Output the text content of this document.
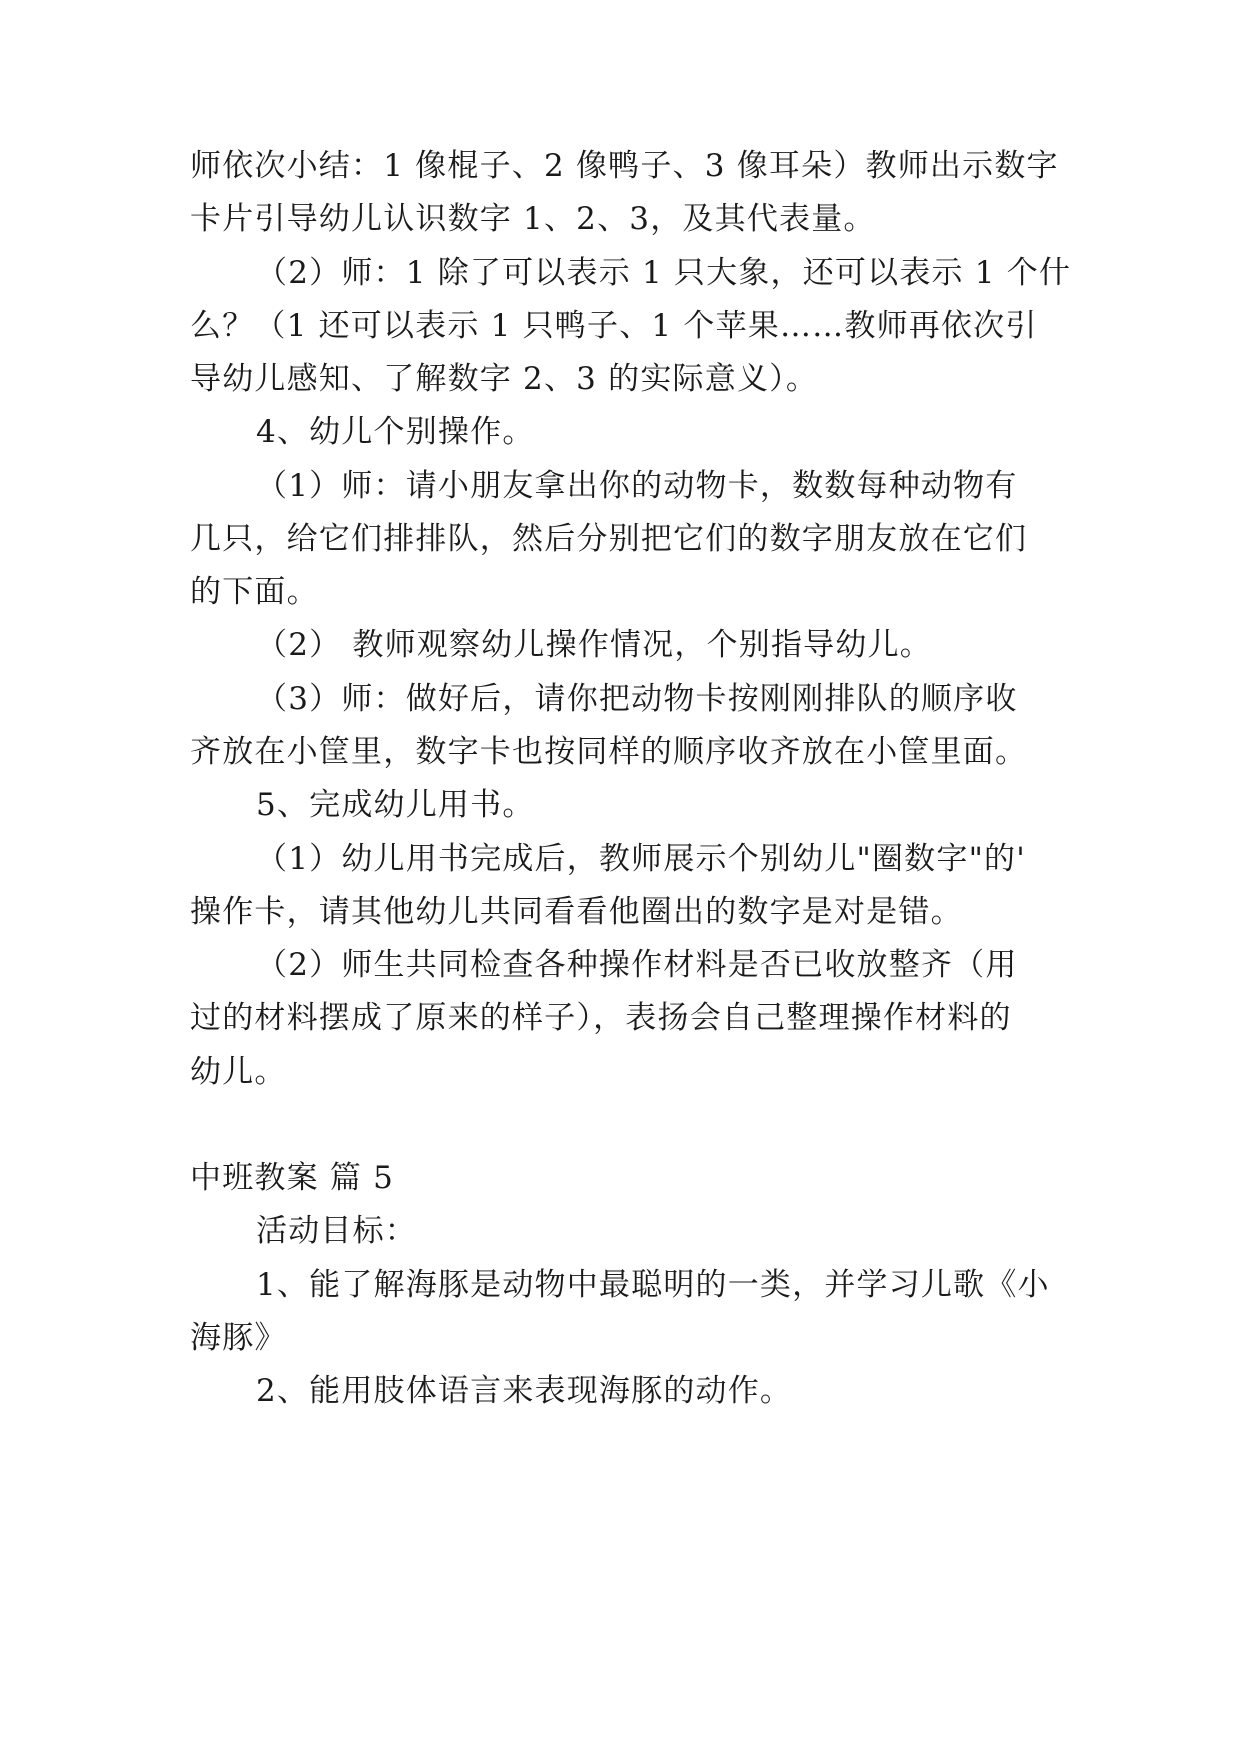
师依次小结：1 像棍子、2 像鸭子、3 像耳朵）教师出示数字
卡片引导幼儿认识数字 1、2、3，及其代表量。
（2）师：1 除了可以表示 1 只大象，还可以表示 1 个什
么？（1 还可以表示 1 只鸭子、1 个苹果……教师再依次引
导幼儿感知、了解数字 2、3 的实际意义）。
4、幼儿个别操作。
（1）师：请小朋友拿出你的动物卡，数数每种动物有
几只，给它们排排队，然后分别把它们的数字朋友放在它们
的下面。
（2） 教师观察幼儿操作情况，个别指导幼儿。
（3）师：做好后，请你把动物卡按刚刚排队的顺序收
齐放在小筐里，数字卡也按同样的顺序收齐放在小筐里面。
5、完成幼儿用书。
（1）幼儿用书完成后，教师展示个别幼儿"圈数字"的'
操作卡，请其他幼儿共同看看他圈出的数字是对是错。
（2）师生共同检查各种操作材料是否已收放整齐（用
过的材料摆成了原来的样子），表扬会自己整理操作材料的
幼儿。
中班教案 篇 5
活动目标：
1、能了解海豚是动物中最聪明的一类，并学习儿歌《小
海豚》
2、能用肢体语言来表现海豚的动作。
